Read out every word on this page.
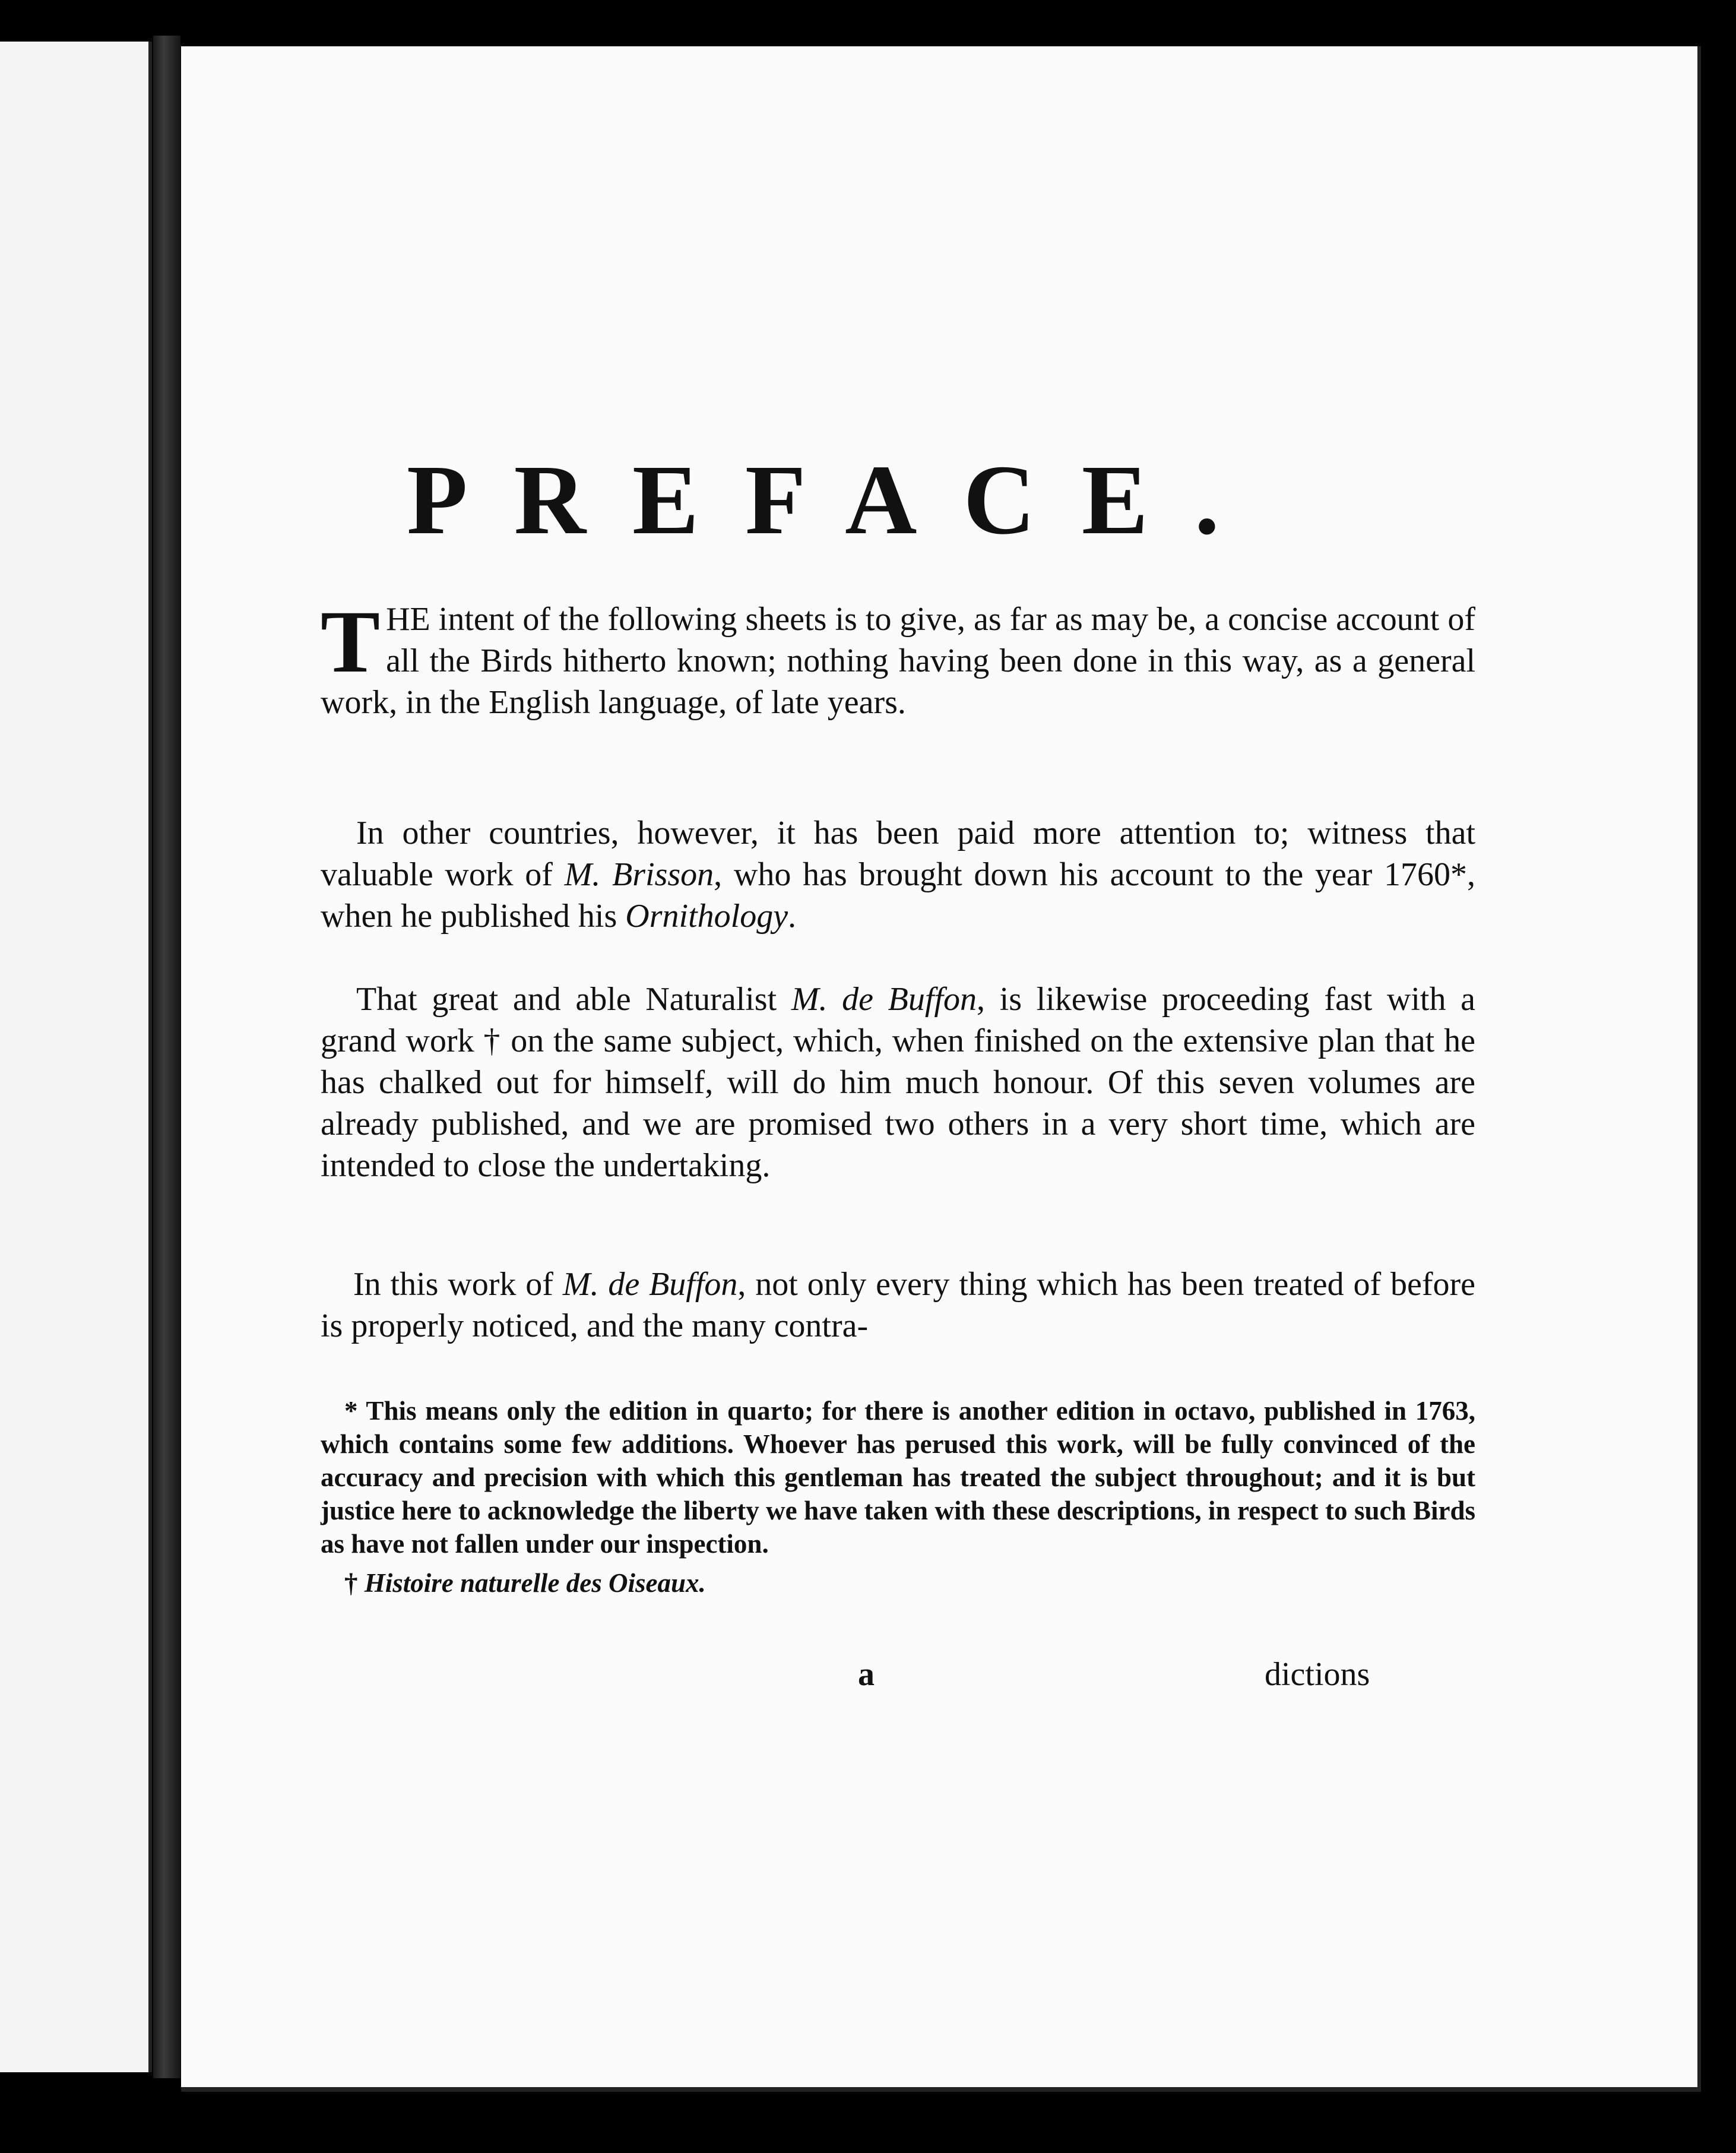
PREFACE.

THE intent of the following sheets is to give, as far as may be, a concise account of all the Birds hitherto known; nothing having been done in this way, as a general work, in the English language, of late years.

In other countries, however, it has been paid more attention to; witness that valuable work of M. Brisson, who has brought down his account to the year 1760*, when he published his Ornithology.

That great and able Naturalist M. de Buffon, is likewise proceeding fast with a grand work † on the same subject, which, when finished on the extensive plan that he has chalked out for himself, will do him much honour. Of this seven volumes are already published, and we are promised two others in a very short time, which are intended to close the undertaking.

In this work of M. de Buffon, not only every thing which has been treated of before is properly noticed, and the many contra-

* This means only the edition in quarto; for there is another edition in octavo, published in 1763, which contains some few additions. Whoever has perused this work, will be fully convinced of the accuracy and precision with which this gentleman has treated the subject throughout; and it is but justice here to acknowledge the liberty we have taken with these descriptions, in respect to such Birds as have not fallen under our inspection.

† Histoire naturelle des Oiseaux.

a	dictions
